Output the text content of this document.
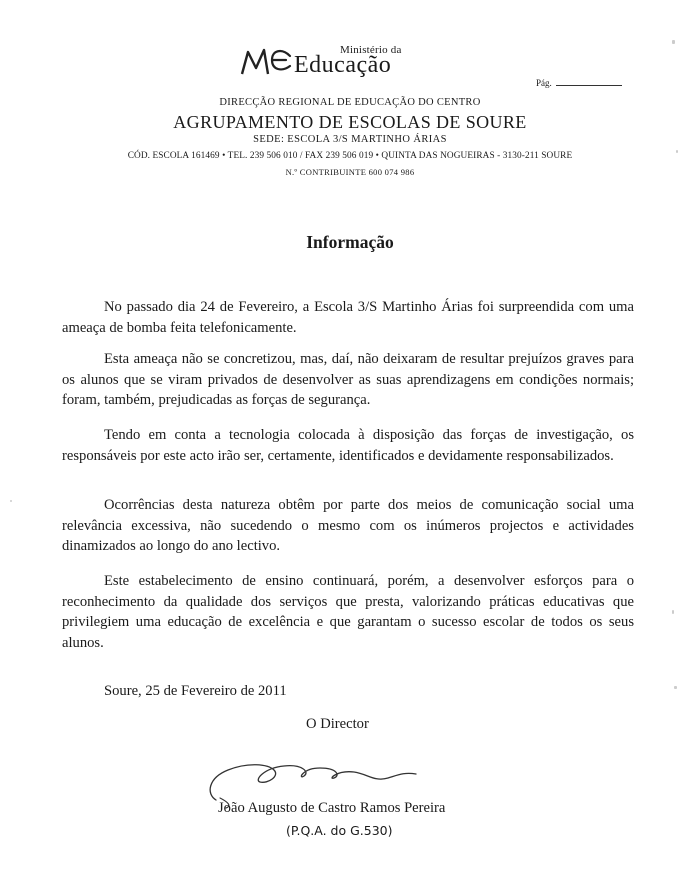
Ministério da
Educação
Pág.
DIRECÇÃO REGIONAL DE EDUCAÇÃO DO CENTRO
AGRUPAMENTO DE ESCOLAS DE SOURE
SEDE: ESCOLA 3/S MARTINHO ÁRIAS
CÓD. ESCOLA 161469 • TEL. 239 506 010 / FAX 239 506 019 • QUINTA DAS NOGUEIRAS - 3130-211 SOURE
N.º CONTRIBUINTE 600 074 986
Informação

No passado dia 24 de Fevereiro, a Escola 3/S Martinho Árias foi surpreendida com uma ameaça de bomba feita telefonicamente.

Esta ameaça não se concretizou, mas, daí, não deixaram de resultar prejuízos graves para os alunos que se viram privados de desenvolver as suas aprendizagens em condições normais; foram, também, prejudicadas as forças de segurança.

Tendo em conta a tecnologia colocada à disposição das forças de investigação, os responsáveis por este acto irão ser, certamente, identificados e devidamente responsabilizados.

Ocorrências desta natureza obtêm por parte dos meios de comunicação social uma relevância excessiva, não sucedendo o mesmo com os inúmeros projectos e actividades dinamizados ao longo do ano lectivo.

Este estabelecimento de ensino continuará, porém, a desenvolver esforços para o reconhecimento da qualidade dos serviços que presta, valorizando práticas educativas que privilegiem uma educação de excelência e que garantam o sucesso escolar de todos os seus alunos.

Soure, 25 de Fevereiro de 2011
O Director
João Augusto de Castro Ramos Pereira
(P.Q.A. do G.530)
